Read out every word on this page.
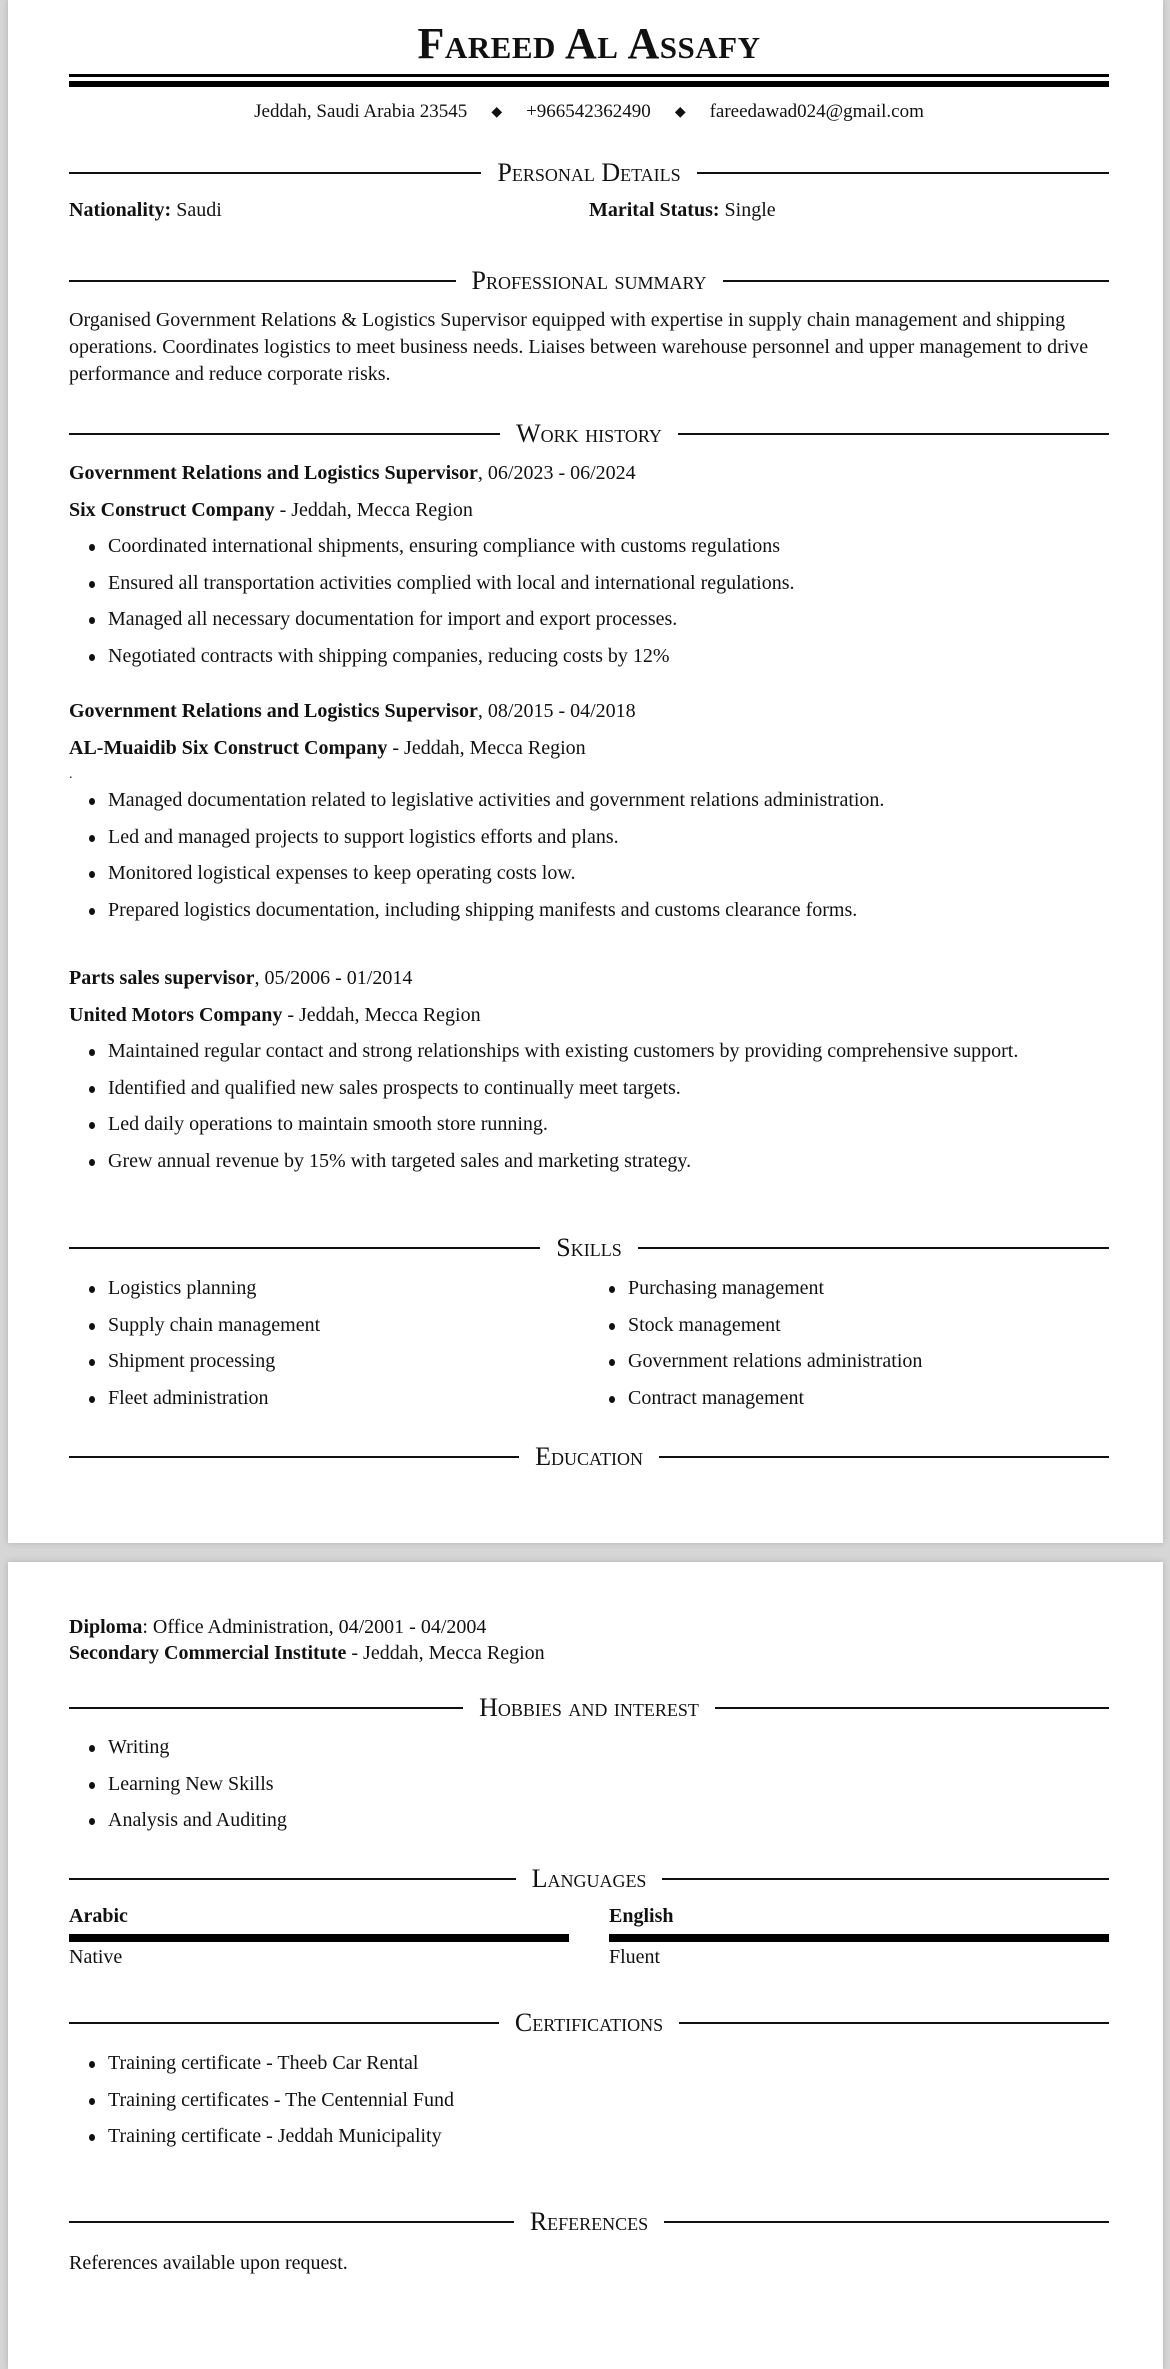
Fareed Al Assafy
Jeddah, Saudi Arabia 23545 ◆ +966542362490 ◆ fareedawad024@gmail.com
Personal Details
Nationality: Saudi	Marital Status: Single
Professional summary

Organised Government Relations & Logistics Supervisor equipped with expertise in supply chain management and shipping operations. Coordinates logistics to meet business needs. Liaises between warehouse personnel and upper management to drive performance and reduce corporate risks.

Work history
Government Relations and Logistics Supervisor, 06/2023 - 06/2024
Six Construct Company - Jeddah, Mecca Region
Coordinated international shipments, ensuring compliance with customs regulations
Ensured all transportation activities complied with local and international regulations.
Managed all necessary documentation for import and export processes.
Negotiated contracts with shipping companies, reducing costs by 12%
Government Relations and Logistics Supervisor, 08/2015 - 04/2018
AL-Muaidib Six Construct Company - Jeddah, Mecca Region
.
Managed documentation related to legislative activities and government relations administration.
Led and managed projects to support logistics efforts and plans.
Monitored logistical expenses to keep operating costs low.
Prepared logistics documentation, including shipping manifests and customs clearance forms.
Parts sales supervisor, 05/2006 - 01/2014
United Motors Company - Jeddah, Mecca Region
Maintained regular contact and strong relationships with existing customers by providing comprehensive support.
Identified and qualified new sales prospects to continually meet targets.
Led daily operations to maintain smooth store running.
Grew annual revenue by 15% with targeted sales and marketing strategy.
Skills
Logistics planning
Supply chain management
Shipment processing
Fleet administration
Purchasing management
Stock management
Government relations administration
Contract management
Education
Diploma: Office Administration, 04/2001 - 04/2004
Secondary Commercial Institute - Jeddah, Mecca Region
Hobbies and interest
Writing
Learning New Skills
Analysis and Auditing
Languages
Arabic
Native
English
Fluent
Certifications
Training certificate - Theeb Car Rental
Training certificates - The Centennial Fund
Training certificate - Jeddah Municipality
References

References available upon request.
